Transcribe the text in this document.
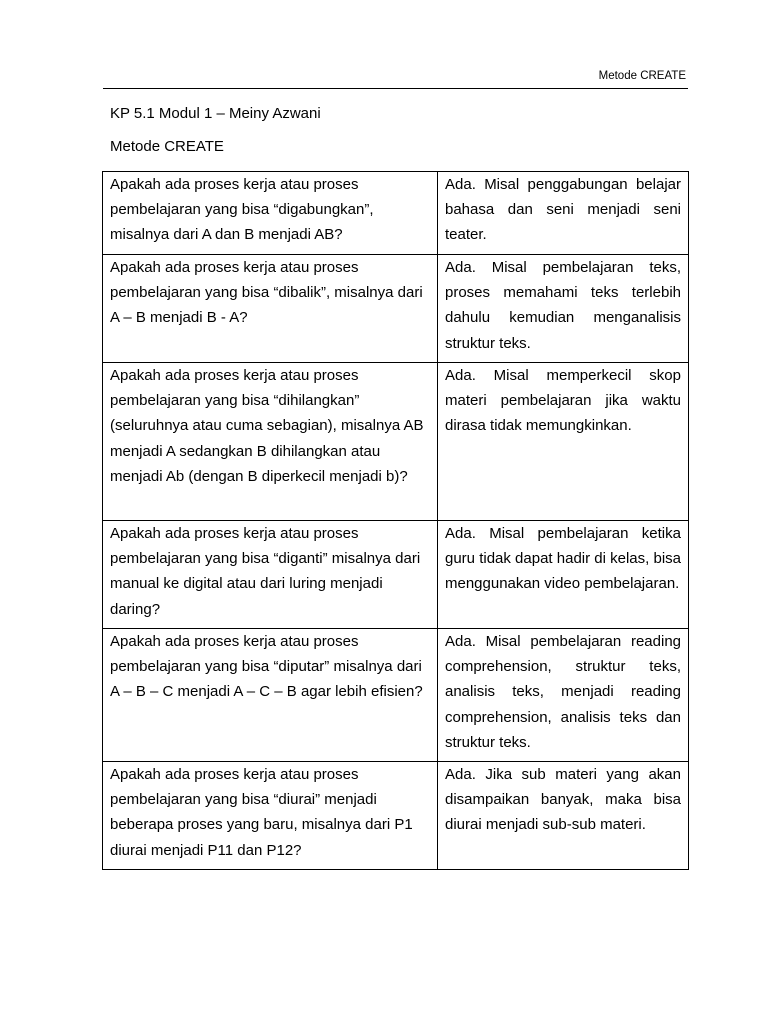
Metode CREATE
KP 5.1 Modul 1 – Meiny Azwani
Metode CREATE
Apakah ada proses kerja atau proses pembelajaran yang bisa “digabungkan”, misalnya dari A dan B menjadi AB?	Ada. Misal penggabungan belajar bahasa dan seni menjadi seni teater.
Apakah ada proses kerja atau proses pembelajaran yang bisa “dibalik”, misalnya dari A – B menjadi B - A?	Ada. Misal pembelajaran teks, proses memahami teks terlebih dahulu kemudian menganalisis struktur teks.
Apakah ada proses kerja atau proses pembelajaran yang bisa “dihilangkan” (seluruhnya atau cuma sebagian), misalnya AB menjadi A sedangkan B dihilangkan atau menjadi Ab (dengan B diperkecil menjadi b)?	Ada. Misal memperkecil skop materi pembelajaran jika waktu dirasa tidak memungkinkan.
Apakah ada proses kerja atau proses pembelajaran yang bisa “diganti” misalnya dari manual ke digital atau dari luring menjadi daring?	Ada. Misal pembelajaran ketika guru tidak dapat hadir di kelas, bisa menggunakan video pembelajaran.
Apakah ada proses kerja atau proses pembelajaran yang bisa “diputar” misalnya dari A – B – C menjadi A – C – B agar lebih efisien?	Ada. Misal pembelajaran reading comprehension, struktur teks, analisis teks, menjadi reading comprehension, analisis teks dan struktur teks.
Apakah ada proses kerja atau proses pembelajaran yang bisa “diurai” menjadi beberapa proses yang baru, misalnya dari P1 diurai menjadi P11 dan P12?	Ada. Jika sub materi yang akan disampaikan banyak, maka bisa diurai menjadi sub-sub materi.
